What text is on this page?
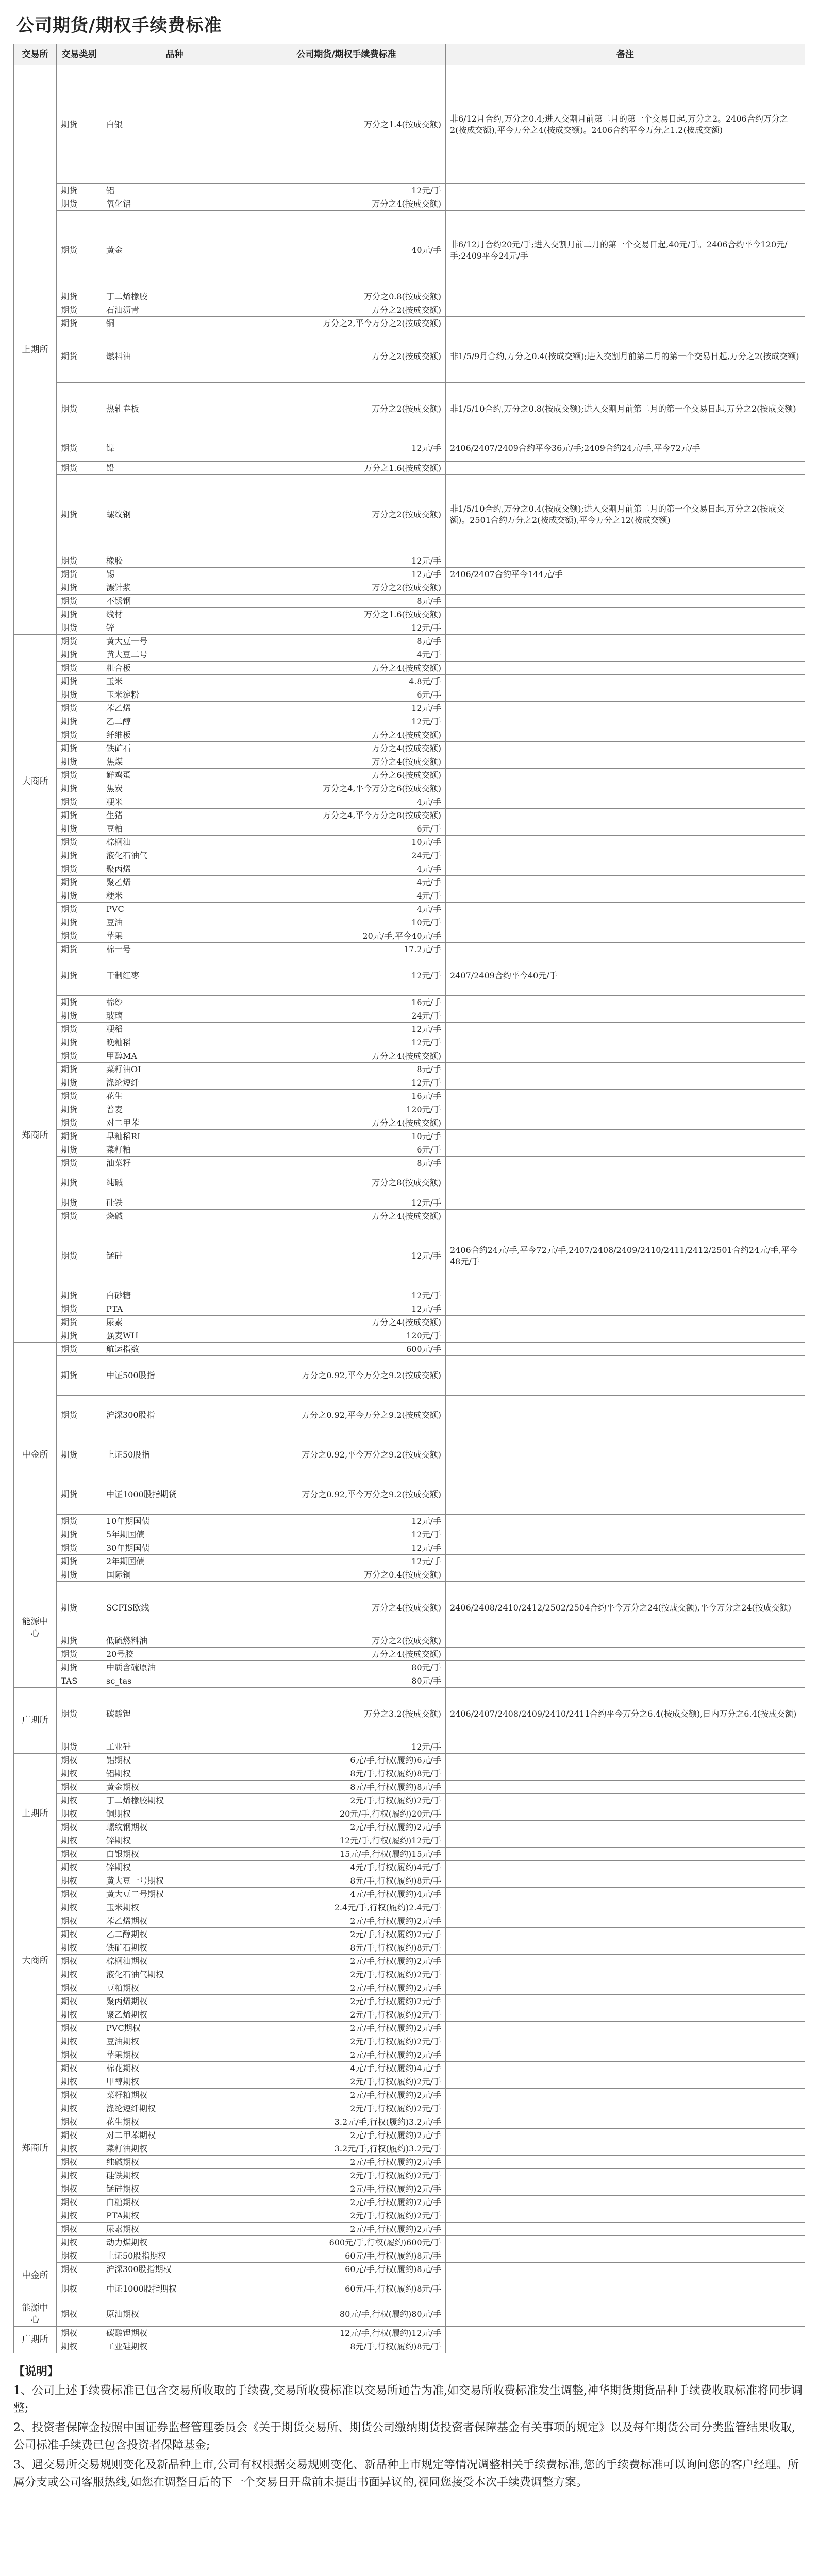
公司期货/期权手续费标准
交易所	交易类别	品种	公司期货/期权手续费标准	备注
上期所	期货	白银	万分之1.4(按成交额)	非6/12月合约,万分之0.4;进入交割月前第二月的第一个交易日起,万分之2。2406合约万分之2(按成交额),平今万分之4(按成交额)。2406合约平今万分之1.2(按成交额)
	期货	铝	12元/手	
	期货	氧化铝	万分之4(按成交额)	
	期货	黄金	40元/手	非6/12月合约20元/手;进入交割月前二月的第一个交易日起,40元/手。2406合约平今120元/手;2409平今24元/手
	期货	丁二烯橡胶	万分之0.8(按成交额)	
	期货	石油沥青	万分之2(按成交额)	
	期货	铜	万分之2,平今万分之2(按成交额)	
	期货	燃料油	万分之2(按成交额)	非1/5/9月合约,万分之0.4(按成交额);进入交割月前第二月的第一个交易日起,万分之2(按成交额)
	期货	热轧卷板	万分之2(按成交额)	非1/5/10合约,万分之0.8(按成交额);进入交割月前第二月的第一个交易日起,万分之2(按成交额)
	期货	镍	12元/手	2406/2407/2409合约平今36元/手;2409合约24元/手,平今72元/手
	期货	铅	万分之1.6(按成交额)	
	期货	螺纹钢	万分之2(按成交额)	非1/5/10合约,万分之0.4(按成交额);进入交割月前第二月的第一个交易日起,万分之2(按成交额)。2501合约万分之2(按成交额),平今万分之12(按成交额)
	期货	橡胶	12元/手	
	期货	锡	12元/手	2406/2407合约平今144元/手
	期货	漂针浆	万分之2(按成交额)	
	期货	不锈钢	8元/手	
	期货	线材	万分之1.6(按成交额)	
	期货	锌	12元/手	
大商所	期货	黄大豆一号	8元/手	
	期货	黄大豆二号	4元/手	
	期货	粗合板	万分之4(按成交额)	
	期货	玉米	4.8元/手	
	期货	玉米淀粉	6元/手	
	期货	苯乙烯	12元/手	
	期货	乙二醇	12元/手	
	期货	纤维板	万分之4(按成交额)	
	期货	铁矿石	万分之4(按成交额)	
	期货	焦煤	万分之4(按成交额)	
	期货	鲜鸡蛋	万分之6(按成交额)	
	期货	焦炭	万分之4,平今万分之6(按成交额)	
	期货	粳米	4元/手	
	期货	生猪	万分之4,平今万分之8(按成交额)	
	期货	豆粕	6元/手	
	期货	棕榈油	10元/手	
	期货	液化石油气	24元/手	
	期货	聚丙烯	4元/手	
	期货	聚乙烯	4元/手	
	期货	粳米	4元/手	
	期货	PVC	4元/手	
	期货	豆油	10元/手	
郑商所	期货	苹果	20元/手,平今40元/手	
	期货	棉一号	17.2元/手	
	期货	干制红枣	12元/手	2407/2409合约平今40元/手
	期货	棉纱	16元/手	
	期货	玻璃	24元/手	
	期货	粳稻	12元/手	
	期货	晚籼稻	12元/手	
	期货	甲醇MA	万分之4(按成交额)	
	期货	菜籽油OI	8元/手	
	期货	涤纶短纤	12元/手	
	期货	花生	16元/手	
	期货	普麦	120元/手	
	期货	对二甲苯	万分之4(按成交额)	
	期货	早籼稻RI	10元/手	
	期货	菜籽粕	6元/手	
	期货	油菜籽	8元/手	
	期货	纯碱	万分之8(按成交额)	
	期货	硅铁	12元/手	
	期货	烧碱	万分之4(按成交额)	
	期货	锰硅	12元/手	2406合约24元/手,平今72元/手,2407/2408/2409/2410/2411/2412/2501合约24元/手,平今48元/手
	期货	白砂糖	12元/手	
	期货	PTA	12元/手	
	期货	尿素	万分之4(按成交额)	
	期货	强麦WH	120元/手	
中金所	期货	航运指数	600元/手	
	期货	中证500股指	万分之0.92,平今万分之9.2(按成交额)	
	期货	沪深300股指	万分之0.92,平今万分之9.2(按成交额)	
	期货	上证50股指	万分之0.92,平今万分之9.2(按成交额)	
	期货	中证1000股指期货	万分之0.92,平今万分之9.2(按成交额)	
	期货	10年期国债	12元/手	
	期货	5年期国债	12元/手	
	期货	30年期国债	12元/手	
	期货	2年期国债	12元/手	
能源中心	期货	国际铜	万分之0.4(按成交额)	
	期货	SCFIS欧线	万分之4(按成交额)	2406/2408/2410/2412/2502/2504合约平今万分之24(按成交额),平今万分之24(按成交额)
	期货	低硫燃料油	万分之2(按成交额)	
	期货	20号胶	万分之4(按成交额)	
	期货	中质含硫原油	80元/手	
	TAS	sc_tas	80元/手	
广期所	期货	碳酸锂	万分之3.2(按成交额)	2406/2407/2408/2409/2410/2411合约平今万分之6.4(按成交额),日内万分之6.4(按成交额)
	期货	工业硅	12元/手	
上期所	期权	铝期权	6元/手,行权(履约)6元/手	
	期权	铝期权	8元/手,行权(履约)8元/手	
	期权	黄金期权	8元/手,行权(履约)8元/手	
	期权	丁二烯橡胶期权	2元/手,行权(履约)2元/手	
	期权	铜期权	20元/手,行权(履约)20元/手	
	期权	螺纹钢期权	2元/手,行权(履约)2元/手	
	期权	锌期权	12元/手,行权(履约)12元/手	
	期权	白银期权	15元/手,行权(履约)15元/手	
	期权	锌期权	4元/手,行权(履约)4元/手	
大商所	期权	黄大豆一号期权	8元/手,行权(履约)8元/手	
	期权	黄大豆二号期权	4元/手,行权(履约)4元/手	
	期权	玉米期权	2.4元/手,行权(履约)2.4元/手	
	期权	苯乙烯期权	2元/手,行权(履约)2元/手	
	期权	乙二醇期权	2元/手,行权(履约)2元/手	
	期权	铁矿石期权	8元/手,行权(履约)8元/手	
	期权	棕榈油期权	2元/手,行权(履约)2元/手	
	期权	液化石油气期权	2元/手,行权(履约)2元/手	
	期权	豆粕期权	2元/手,行权(履约)2元/手	
	期权	聚丙烯期权	2元/手,行权(履约)2元/手	
	期权	聚乙烯期权	2元/手,行权(履约)2元/手	
	期权	PVC期权	2元/手,行权(履约)2元/手	
	期权	豆油期权	2元/手,行权(履约)2元/手	
郑商所	期权	苹果期权	2元/手,行权(履约)2元/手	
	期权	棉花期权	4元/手,行权(履约)4元/手	
	期权	甲醇期权	2元/手,行权(履约)2元/手	
	期权	菜籽粕期权	2元/手,行权(履约)2元/手	
	期权	涤纶短纤期权	2元/手,行权(履约)2元/手	
	期权	花生期权	3.2元/手,行权(履约)3.2元/手	
	期权	对二甲苯期权	2元/手,行权(履约)2元/手	
	期权	菜籽油期权	3.2元/手,行权(履约)3.2元/手	
	期权	纯碱期权	2元/手,行权(履约)2元/手	
	期权	硅铁期权	2元/手,行权(履约)2元/手	
	期权	锰硅期权	2元/手,行权(履约)2元/手	
	期权	白糖期权	2元/手,行权(履约)2元/手	
	期权	PTA期权	2元/手,行权(履约)2元/手	
	期权	尿素期权	2元/手,行权(履约)2元/手	
	期权	动力煤期权	600元/手,行权(履约)600元/手	
中金所	期权	上证50股指期权	60元/手,行权(履约)8元/手	
	期权	沪深300股指期权	60元/手,行权(履约)8元/手	
	期权	中证1000股指期权	60元/手,行权(履约)8元/手	
能源中心	期权	原油期权	80元/手,行权(履约)80元/手	
广期所	期权	碳酸锂期权	12元/手,行权(履约)12元/手	
	期权	工业硅期权	8元/手,行权(履约)8元/手	

【说明】

1、公司上述手续费标准已包含交易所收取的手续费,交易所收费标准以交易所通告为准,如交易所收费标准发生调整,神华期货期货品种手续费收取标准将同步调整;

2、投资者保障金按照中国证券监督管理委员会《关于期货交易所、期货公司缴纳期货投资者保障基金有关事项的规定》以及每年期货公司分类监管结果收取,公司标准手续费已包含投资者保障基金;

3、遇交易所交易规则变化及新品种上市,公司有权根据交易规则变化、新品种上市规定等情况调整相关手续费标准,您的手续费标准可以询问您的客户经理。所属分支或公司客服热线,如您在调整日后的下一个交易日开盘前未提出书面异议的,视同您接受本次手续费调整方案。
